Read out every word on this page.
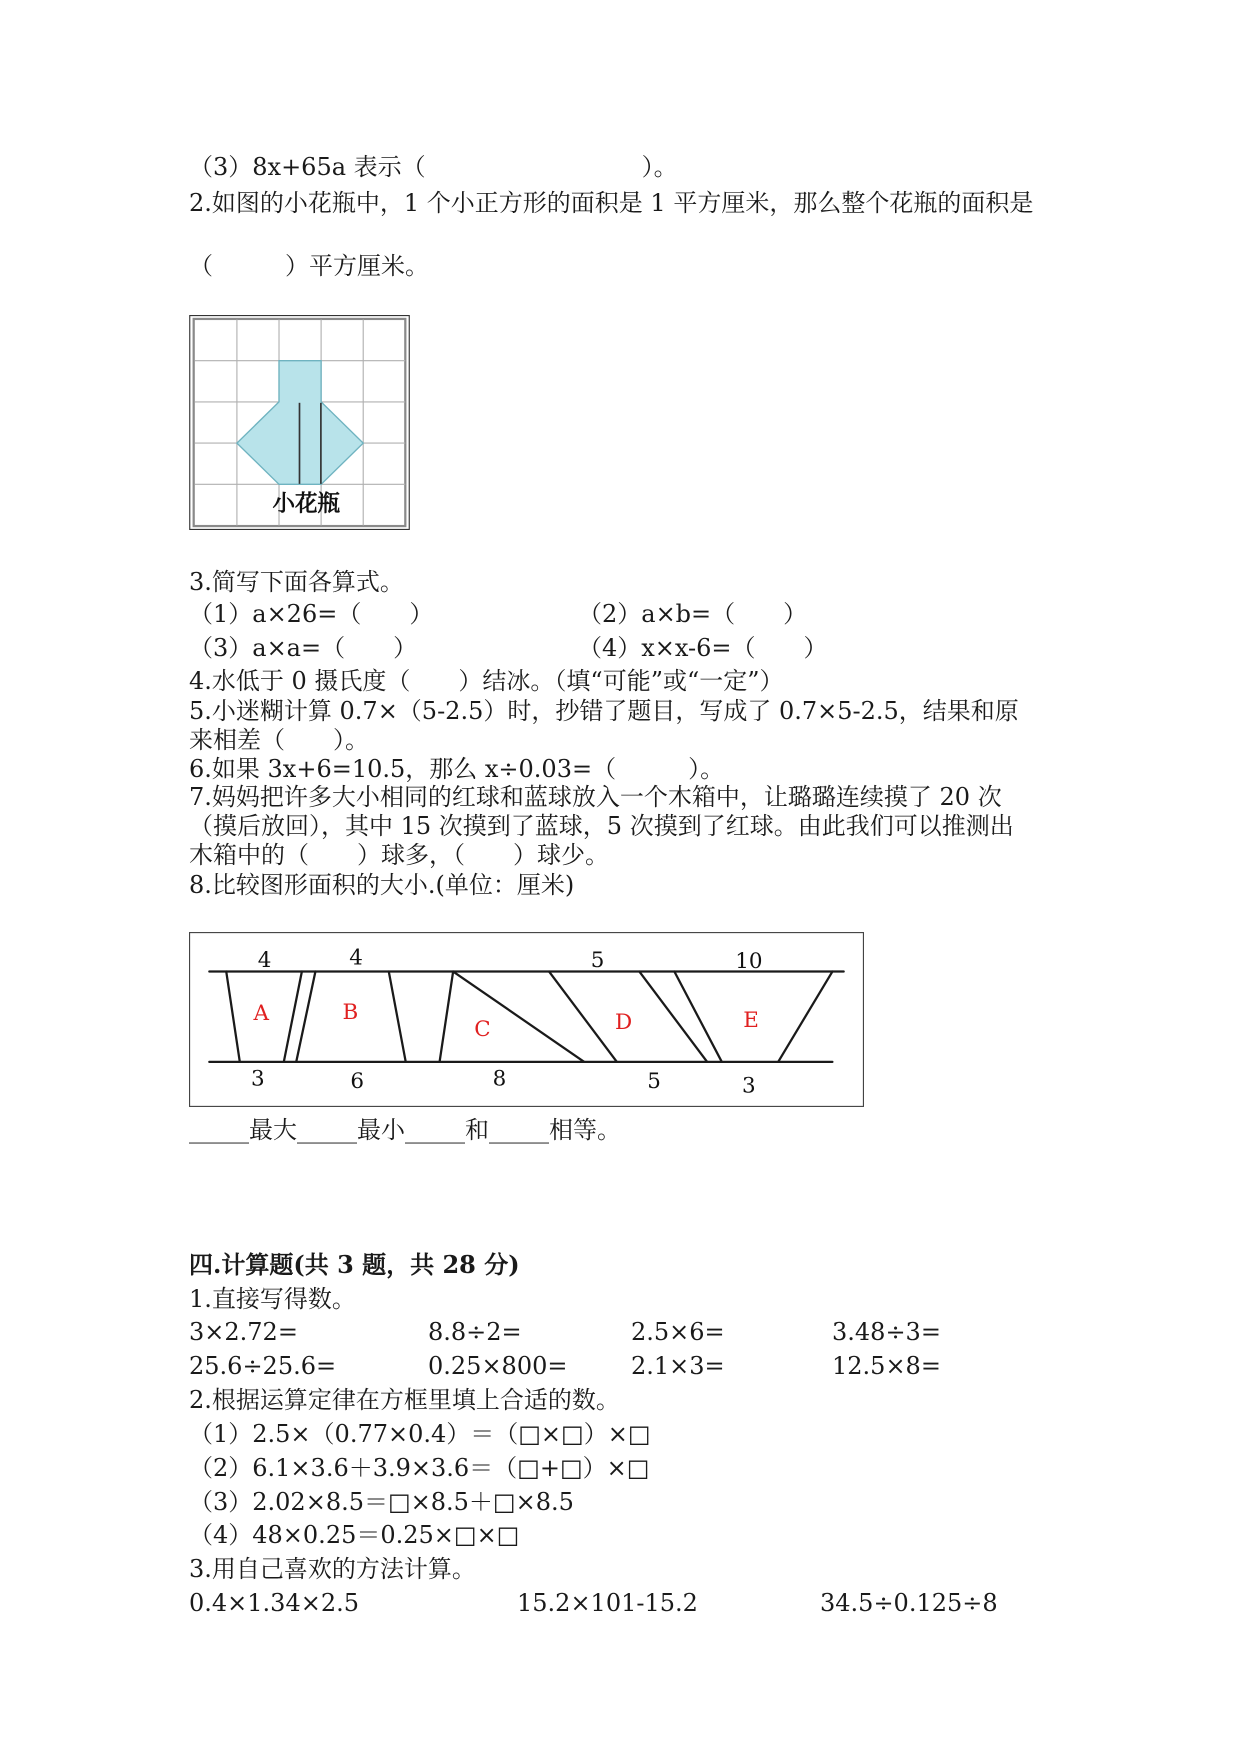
（3）8x+65a 表示（　　　　　　　　　）。
2.如图的小花瓶中，1 个小正方形的面积是 1 平方厘米，那么整个花瓶的面积是
（　　　）平方厘米。
小花瓶
3.简写下面各算式。
（1）a×26=（　　）	（2）a×b=（　　）
（3）a×a=（　　）	（4）x×x-6=（　　）
4.水低于 0 摄氏度（　　）结冰。（填“可能”或“一定”）
5.小迷糊计算 0.7×（5-2.5）时，抄错了题目，写成了 0.7×5-2.5，结果和原
来相差（　　）。
6.如果 3x+6=10.5，那么 x÷0.03=（　　　）。
7.妈妈把许多大小相同的红球和蓝球放入一个木箱中，让璐璐连续摸了 20 次
（摸后放回），其中 15 次摸到了蓝球，5 次摸到了红球。由此我们可以推测出
木箱中的（　　）球多，（　　）球少。
8.比较图形面积的大小.(单位：厘米)
4	4	5	10
3	6	8	5	3
A	B
C	D	E
_____最大_____最小_____和_____相等。
四.计算题(共 3 题，共 28 分)
1.直接写得数。
3×2.72=	8.8÷2=	2.5×6=	3.48÷3=
25.6÷25.6=	0.25×800=	2.1×3=	12.5×8=
2.根据运算定律在方框里填上合适的数。
（1）2.5×（0.77×0.4）＝（□×□）×□
（2）6.1×3.6＋3.9×3.6＝（□+□）×□
（3）2.02×8.5＝□×8.5＋□×8.5
（4）48×0.25＝0.25×□×□
3.用自己喜欢的方法计算。
0.4×1.34×2.5	15.2×101-15.2	34.5÷0.125÷8
